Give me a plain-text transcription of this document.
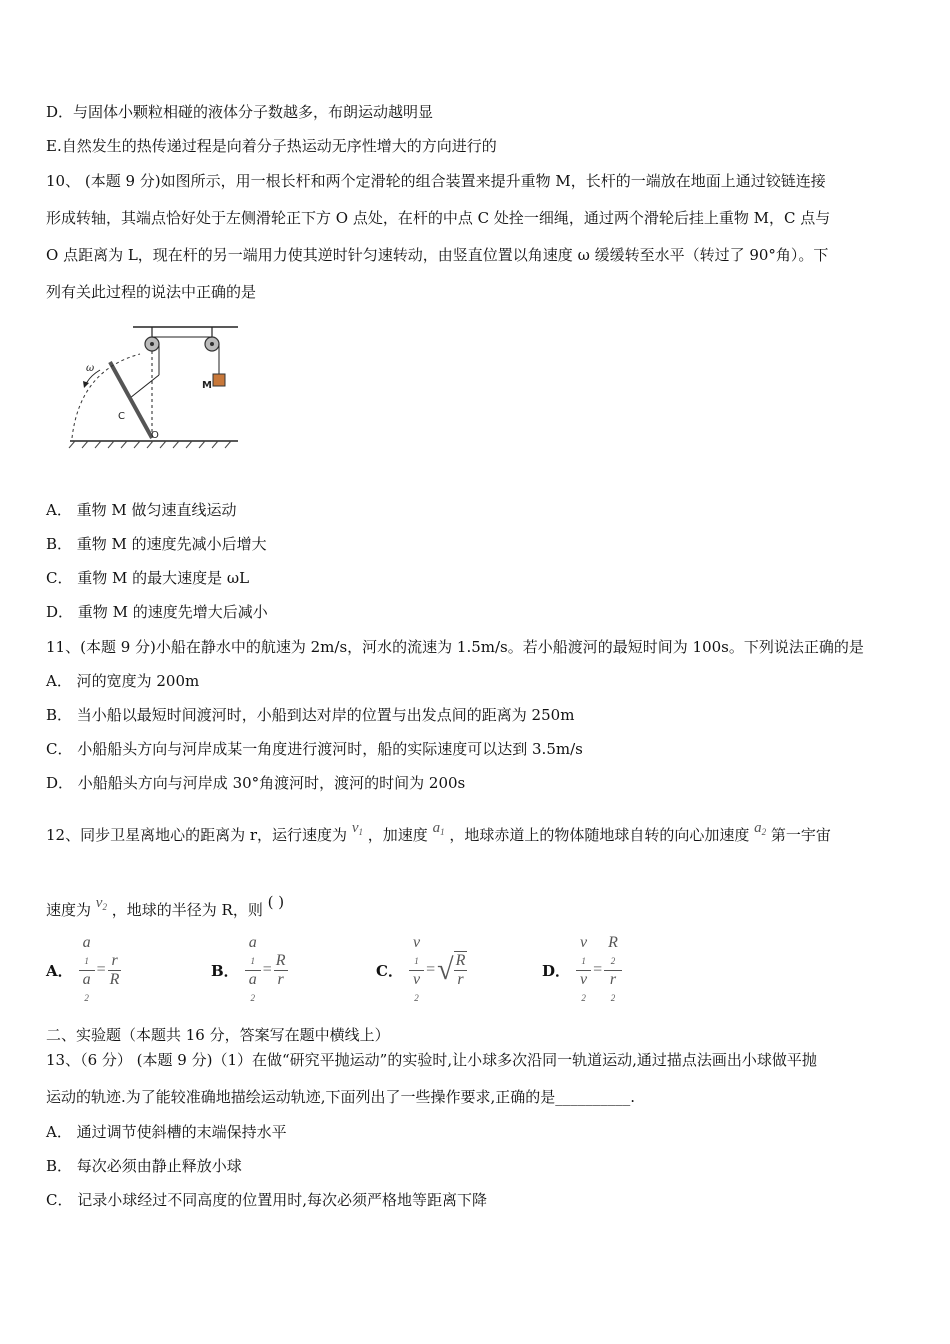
D．与固体小颗粒相碰的液体分子数越多，布朗运动越明显
E.自然发生的热传递过程是向着分子热运动无序性增大的方向进行的
10、 (本题 9 分)如图所示，用一根长杆和两个定滑轮的组合装置来提升重物 M，长杆的一端放在地面上通过铰链连接
形成转轴，其端点恰好处于左侧滑轮正下方 O 点处，在杆的中点 C 处拴一细绳，通过两个滑轮后挂上重物 M，C 点与
O 点距离为 L，现在杆的另一端用力使其逆时针匀速转动，由竖直位置以角速度 ω 缓缓转至水平（转过了 90°角）。下
列有关此过程的说法中正确的是
ω
M
C
O
A． 重物 M 做匀速直线运动
B． 重物 M 的速度先减小后增大
C． 重物 M 的最大速度是 ωL
D． 重物 M 的速度先增大后减小
11、(本题 9 分)小船在静水中的航速为 2m/s，河水的流速为 1.5m/s。若小船渡河的最短时间为 100s。下列说法正确的是
A． 河的宽度为 200m
B． 当小船以最短时间渡河时，小船到达对岸的位置与出发点间的距离为 250m
C． 小船船头方向与河岸成某一角度进行渡河时，船的实际速度可以达到 3.5m/s
D． 小船船头方向与河岸成 30°角渡河时，渡河的时间为 200s
12、同步卫星离地心的距离为 r，运行速度为 $v_1$ ，加速度 $a_1$ ，地球赤道上的物体随地球自转的向心加速度 $a_2$ 第一宇宙
速度为 $v_2$ ，地球的半径为 R，则 ( )
A． a
1
a
$2 = \frac{r}{R}$	B． a
1
a
$2 = \frac{R}{r}$	C． v
1
v
2 = √ $\frac{R}{r}$	D． v
1
v
2 = R
2
r
2
二、实验题（本题共 16 分，答案写在题中横线上）
13、（6 分） (本题 9 分)（1）在做“研究平抛运动”的实验时,让小球多次沿同一轨道运动,通过描点法画出小球做平抛
运动的轨迹.为了能较准确地描绘运动轨迹,下面列出了一些操作要求,正确的是__________.
A． 通过调节使斜槽的末端保持水平
B． 每次必须由静止释放小球
C． 记录小球经过不同高度的位置用时,每次必须严格地等距离下降
